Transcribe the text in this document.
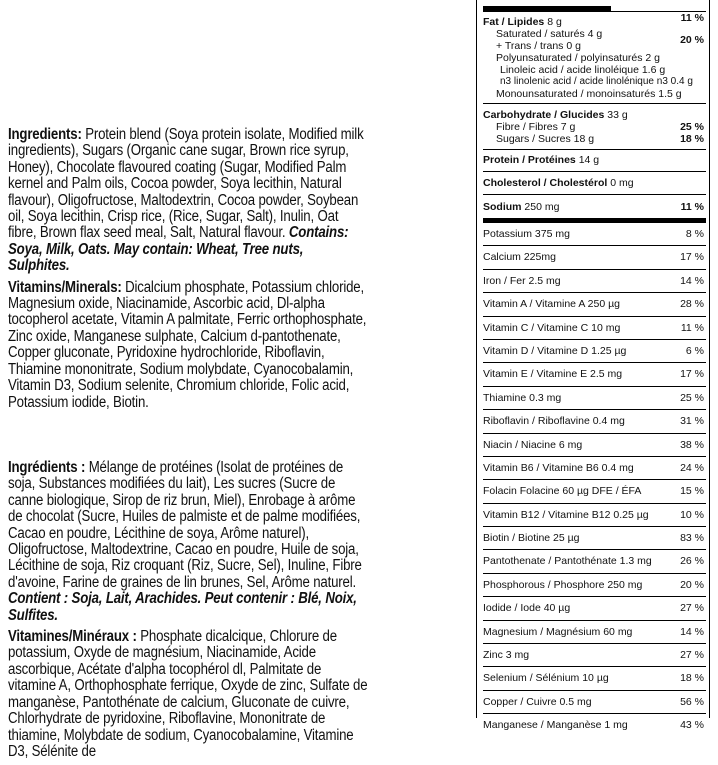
Ingredients: Protein blend (Soya protein isolate, Modified milk ingredients), Sugars (Organic cane sugar, Brown rice syrup, Honey), Chocolate flavoured coating (Sugar, Modified Palm kernel and Palm oils, Cocoa powder, Soya lecithin, Natural flavour), Oligofructose, Maltodextrin, Cocoa powder, Soybean oil, Soya lecithin, Crisp rice, (Rice, Sugar, Salt), Inulin, Oat fibre, Brown flax seed meal, Salt, Natural flavour. Contains: Soya, Milk, Oats. May contain: Wheat, Tree nuts, Sulphites.

Vitamins/Minerals: Dicalcium phosphate, Potassium chloride, Magnesium oxide, Niacinamide, Ascorbic acid, Dl-alpha tocopherol acetate, Vitamin A palmitate, Ferric orthophosphate, Zinc oxide, Manganese sulphate, Calcium d-pantothenate, Copper gluconate, Pyridoxine hydrochloride, Riboflavin, Thiamine mononitrate, Sodium molybdate, Cyanocobalamin, Vitamin D3, Sodium selenite, Chromium chloride, Folic acid, Potassium iodide, Biotin.

Ingrédients : Mélange de protéines (Isolat de protéines de soja, Substances modifiées du lait), Les sucres (Sucre de canne biologique, Sirop de riz brun, Miel), Enrobage à arôme de chocolat (Sucre, Huiles de palmiste et de palme modifiées, Cacao en poudre, Lécithine de soya, Arôme naturel), Oligofructose, Maltodextrine, Cacao en poudre, Huile de soja, Lécithine de soja, Riz croquant (Riz, Sucre, Sel), Inuline, Fibre d'avoine, Farine de graines de lin brunes, Sel, Arôme naturel. Contient : Soja, Lait, Arachides. Peut contenir : Blé, Noix, Sulfites.

Vitamines/Minéraux : Phosphate dicalcique, Chlorure de potassium, Oxyde de magnésium, Niacinamide, Acide ascorbique, Acétate d'alpha tocophérol dl, Palmitate de vitamine A, Orthophosphate ferrique, Oxyde de zinc, Sulfate de manganèse, Pantothénate de calcium, Gluconate de cuivre, Chlorhydrate de pyridoxine, Riboflavine, Mononitrate de thiamine, Molybdate de sodium, Cyanocobalamine, Vitamine D3, Sélénite de

Fat / Lipides 8 g	11 %
Saturated / saturés 4 g	20 %
+ Trans / trans 0 g
Polyunsaturated / polyinsaturés 2 g
Linoleic acid / acide linoléique 1.6 g
n3 linolenic acid / acide linolénique n3 0.4 g
Monounsaturated / monoinsaturés 1.5 g
Carbohydrate / Glucides 33 g
Fibre / Fibres 7 g	25 %
Sugars / Sucres 18 g	18 %
Protein / Protéines 14 g
Cholesterol / Cholestérol 0 mg
Sodium 250 mg	11 %
Potassium 375 mg	8 %
Calcium 225mg	17 %
Iron / Fer 2.5 mg	14 %
Vitamin A / Vitamine A 250 µg	28 %
Vitamin C / Vitamine C 10 mg	11 %
Vitamin D / Vitamine D 1.25 µg	6 %
Vitamin E / Vitamine E 2.5 mg	17 %
Thiamine 0.3 mg	25 %
Riboflavin / Riboflavine 0.4 mg	31 %
Niacin / Niacine 6 mg	38 %
Vitamin B6 / Vitamine B6 0.4 mg	24 %
Folacin Folacine 60 µg DFE / ÉFA	15 %
Vitamin B12 / Vitamine B12 0.25 µg	10 %
Biotin / Biotine 25 µg	83 %
Pantothenate / Pantothénate 1.3 mg	26 %
Phosphorous / Phosphore 250 mg	20 %
Iodide / Iode 40 µg	27 %
Magnesium / Magnésium 60 mg	14 %
Zinc 3 mg	27 %
Selenium / Sélénium 10 µg	18 %
Copper / Cuivre 0.5 mg	56 %
Manganese / Manganèse 1 mg	43 %
